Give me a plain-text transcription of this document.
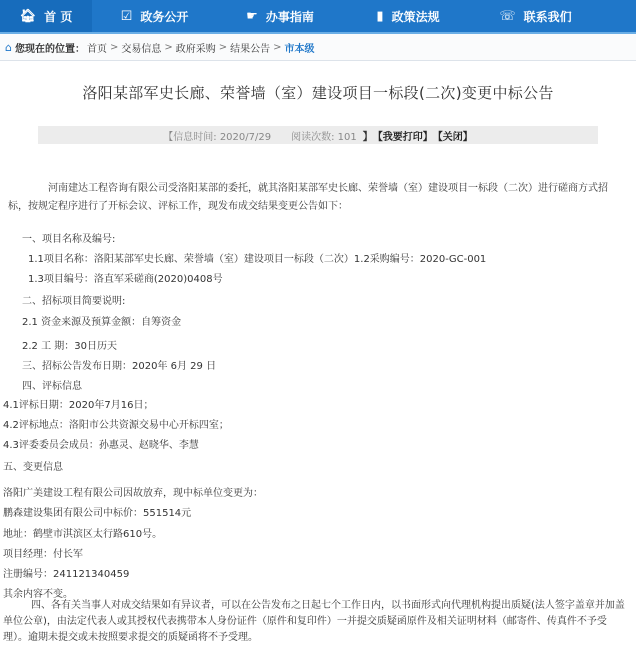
🏠︎ 首 页	☑ 政务公开	☛ 办事指南	▮ 政策法规	☏ 联系我们
⌂ 您现在的位置： 首页 > 交易信息 > 政府采购 > 结果公告 > 市本级
洛阳某部军史长廊、荣誉墙（室）建设项目一标段(二次)变更中标公告
【信息时间: 2020/7/29 阅读次数: 101 】 【我要打印】 【关闭】
河南建达工程咨询有限公司受洛阳某部的委托，就其洛阳某部军史长廊、荣誉墙（室）建设项目一标段（二次）进行磋商方式招标，按规定程序进行了开标会议、评标工作，现发布成交结果变更公告如下：
一、项目名称及编号:
1.1项目名称：洛阳某部军史长廊、荣誉墙（室）建设项目一标段（二次）1.2采购编号：2020-GC-001
1.3项目编号：洛直军采磋商(2020)0408号
二、招标项目简要说明:
2.1 资金来源及预算金额：自筹资金
2.2 工 期：30日历天
三、招标公告发布日期：2020年 6月 29 日
四、评标信息
4.1评标日期：2020年7月16日；
4.2评标地点：洛阳市公共资源交易中心开标四室；
4.3评委委员会成员：孙惠灵、赵晓华、李慧
五、变更信息
洛阳广美建设工程有限公司因故放弃，现中标单位变更为：
鹏森建设集团有限公司中标价：551514元
地址：鹤壁市淇滨区太行路610号。
项目经理：付长军
注册编号：241121340459
其余内容不变。
四、各有关当事人对成交结果如有异议者，可以在公告发布之日起七个工作日内，以书面形式向代理机构提出质疑(法人签字盖章并加盖单位公章)，由法定代表人或其授权代表携带本人身份证件（原件和复印件）一并提交质疑函原件及相关证明材料（邮寄件、传真件不予受理）。逾期未提交或未按照要求提交的质疑函将不予受理。
